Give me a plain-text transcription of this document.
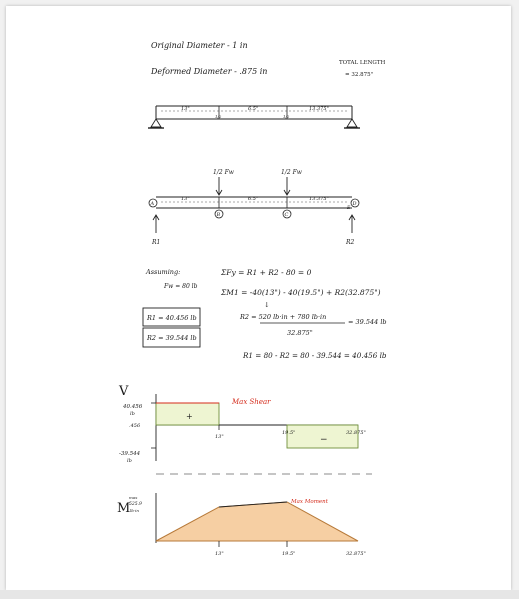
Original Diameter - 1 in
Deformed Diameter - .875 in
TOTAL LENGTH
= 32.875"
13"	6.5"	13.375"
1/2	1/2
1/2 Fw	1/2 Fw
13"	6.5"	13.375"
A
B	C
D
E
R1	R2
Assuming:
Fw = 80 lb
R1 = 40.456 lb
R2 = 39.544 lb
ΣFy = R1 + R2 - 80 = 0
ΣM1 = -40(13") - 40(19.5") + R2(32.875")
↓
R2 = 520 lb·in + 780 lb·in
32.875"
= 39.544 lb
R1 = 80 - R2 = 80 - 39.544 = 40.456 lb
V
+
−
Max Shear
40.456
lb
.456
-39.544
lb
13"
19.5"	32.875"
M
max
525.9
lb·in
Max Moment
13"	19.5"	32.875"
